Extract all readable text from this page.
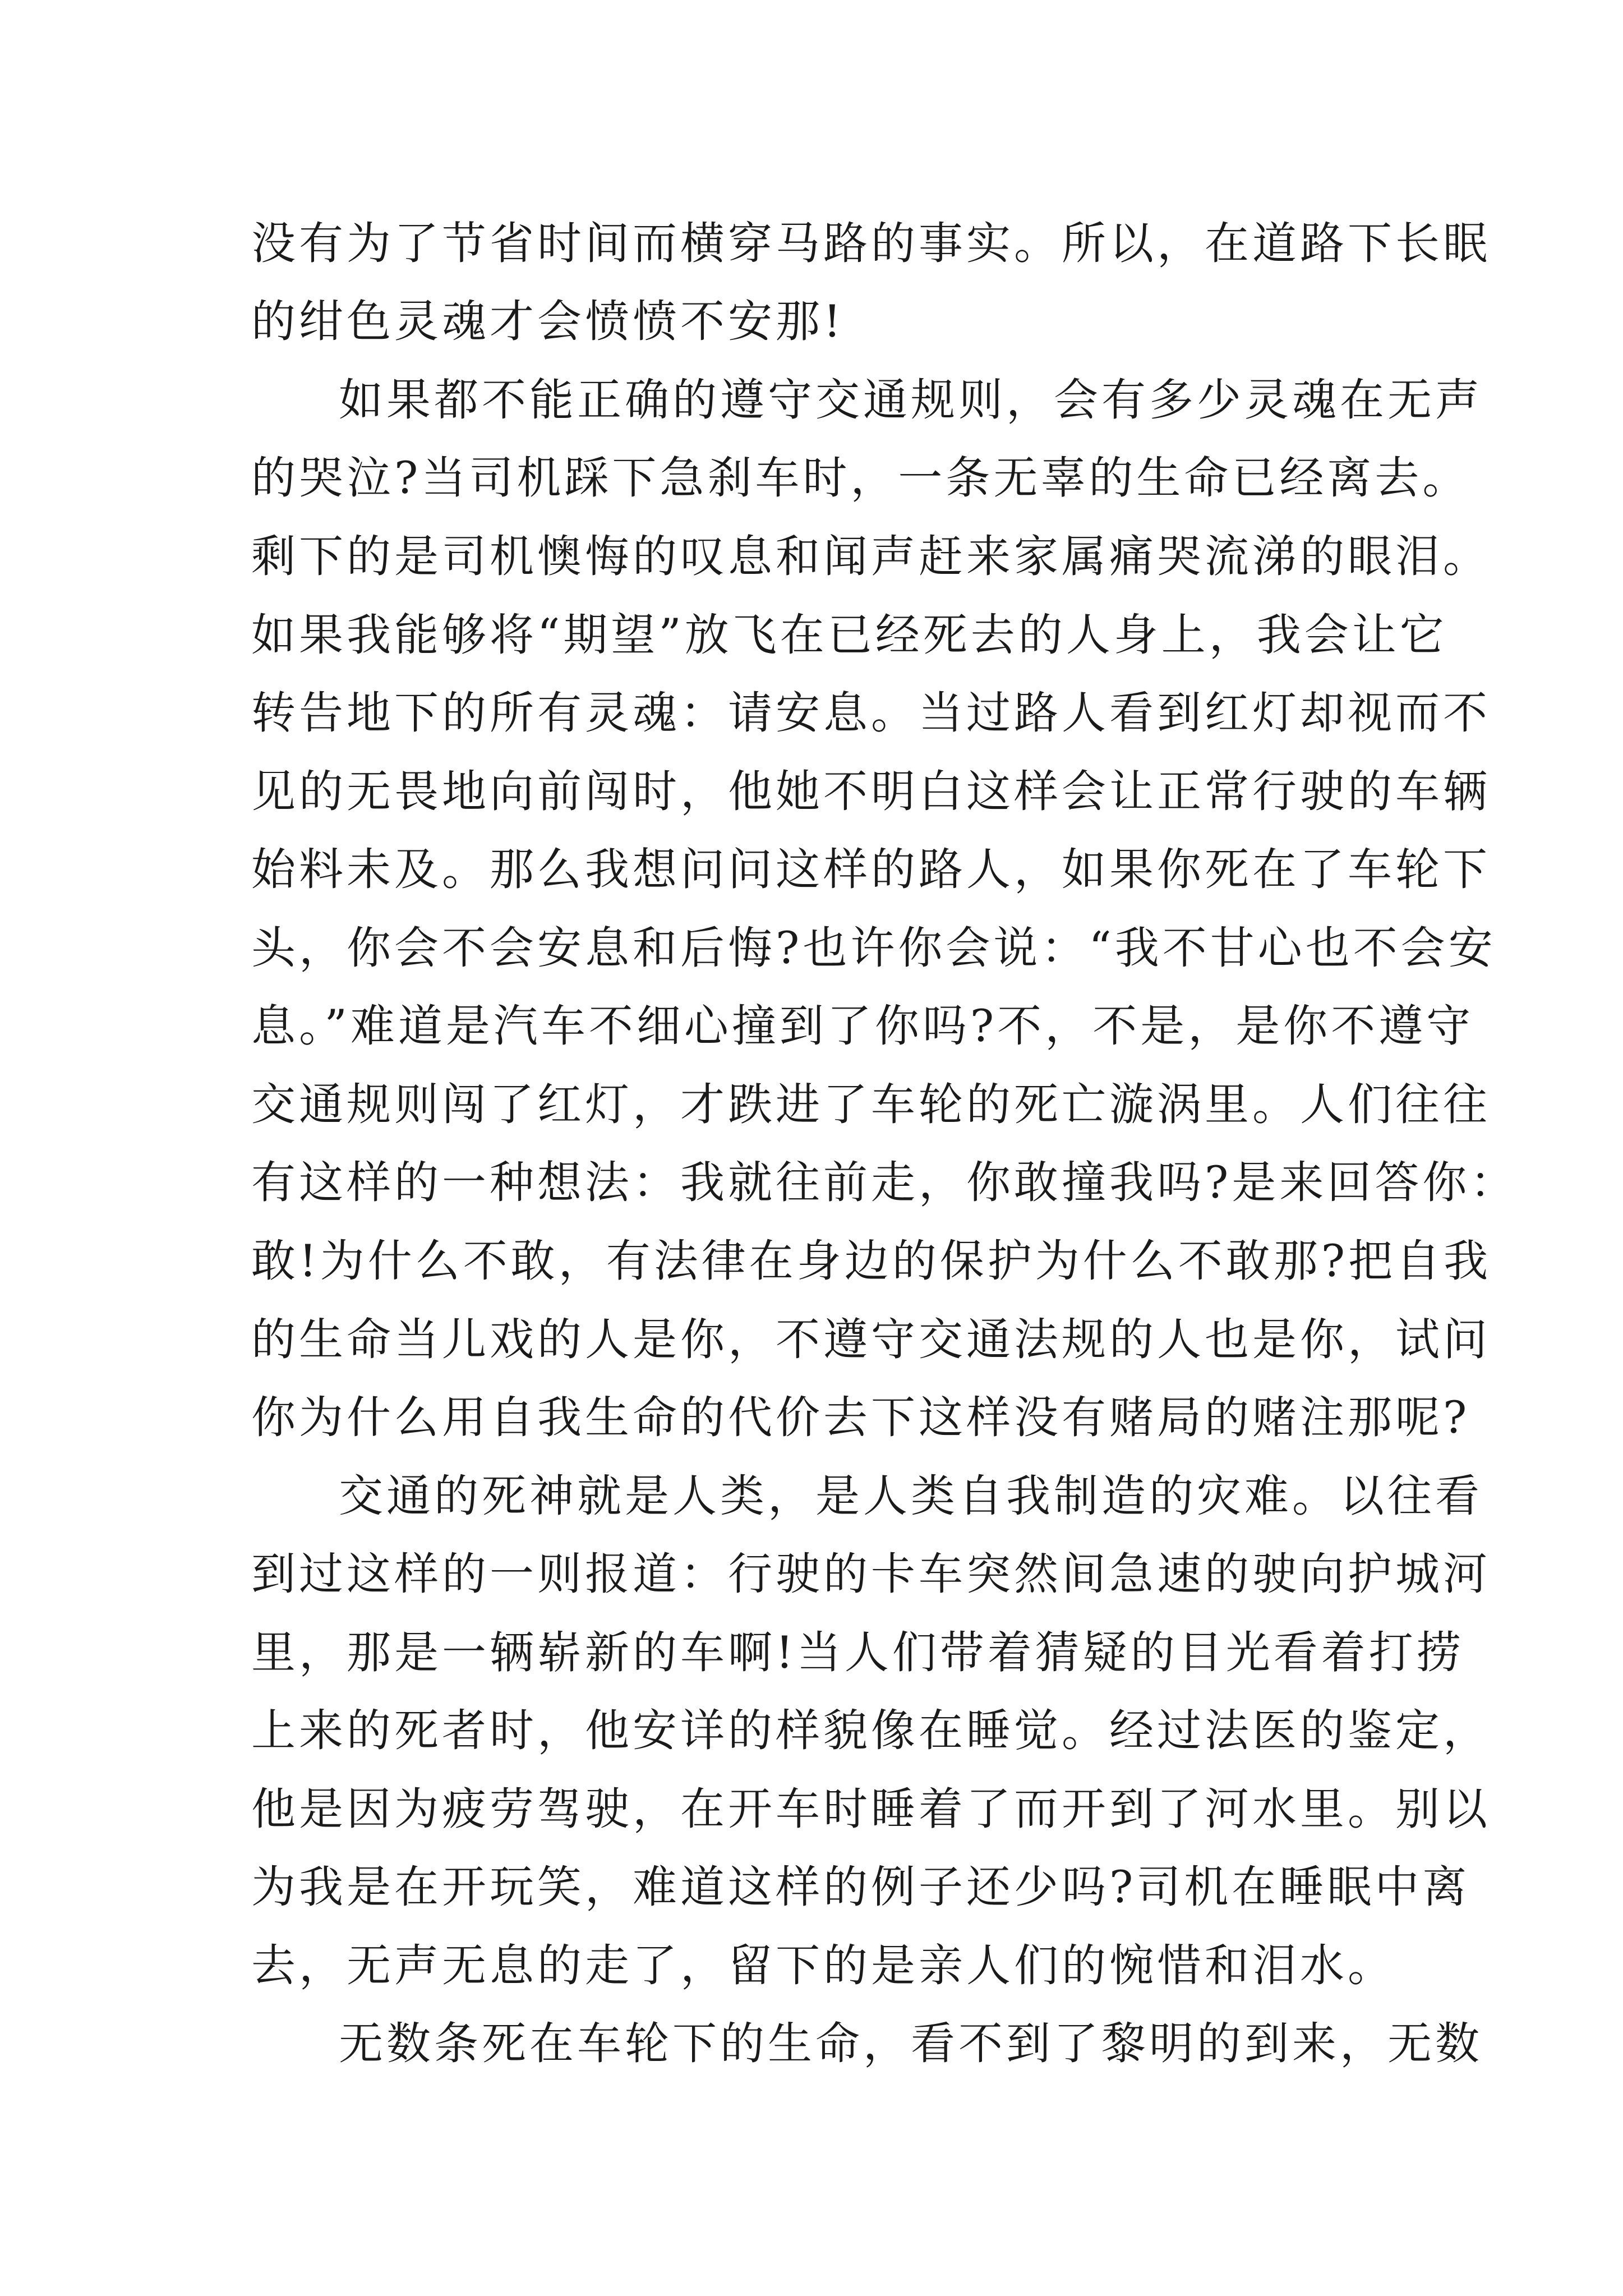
没有为了节省时间而横穿马路的事实。所以，在道路下长眠
的绀色灵魂才会愤愤不安那!
如果都不能正确的遵守交通规则，会有多少灵魂在无声
的哭泣?当司机踩下急刹车时，一条无辜的生命已经离去。
剩下的是司机懊悔的叹息和闻声赶来家属痛哭流涕的眼泪。
如果我能够将“期望”放飞在已经死去的人身上，我会让它
转告地下的所有灵魂：请安息。当过路人看到红灯却视而不
见的无畏地向前闯时，他她不明白这样会让正常行驶的车辆
始料未及。那么我想问问这样的路人，如果你死在了车轮下
头，你会不会安息和后悔?也许你会说：“我不甘心也不会安
息。”难道是汽车不细心撞到了你吗?不，不是，是你不遵守
交通规则闯了红灯，才跌进了车轮的死亡漩涡里。人们往往
有这样的一种想法：我就往前走，你敢撞我吗?是来回答你：
敢!为什么不敢，有法律在身边的保护为什么不敢那?把自我
的生命当儿戏的人是你，不遵守交通法规的人也是你，试问
你为什么用自我生命的代价去下这样没有赌局的赌注那呢?
交通的死神就是人类，是人类自我制造的灾难。以往看
到过这样的一则报道：行驶的卡车突然间急速的驶向护城河
里，那是一辆崭新的车啊!当人们带着猜疑的目光看着打捞
上来的死者时，他安详的样貌像在睡觉。经过法医的鉴定，
他是因为疲劳驾驶，在开车时睡着了而开到了河水里。别以
为我是在开玩笑，难道这样的例子还少吗?司机在睡眠中离
去，无声无息的走了，留下的是亲人们的惋惜和泪水。
无数条死在车轮下的生命，看不到了黎明的到来，无数
